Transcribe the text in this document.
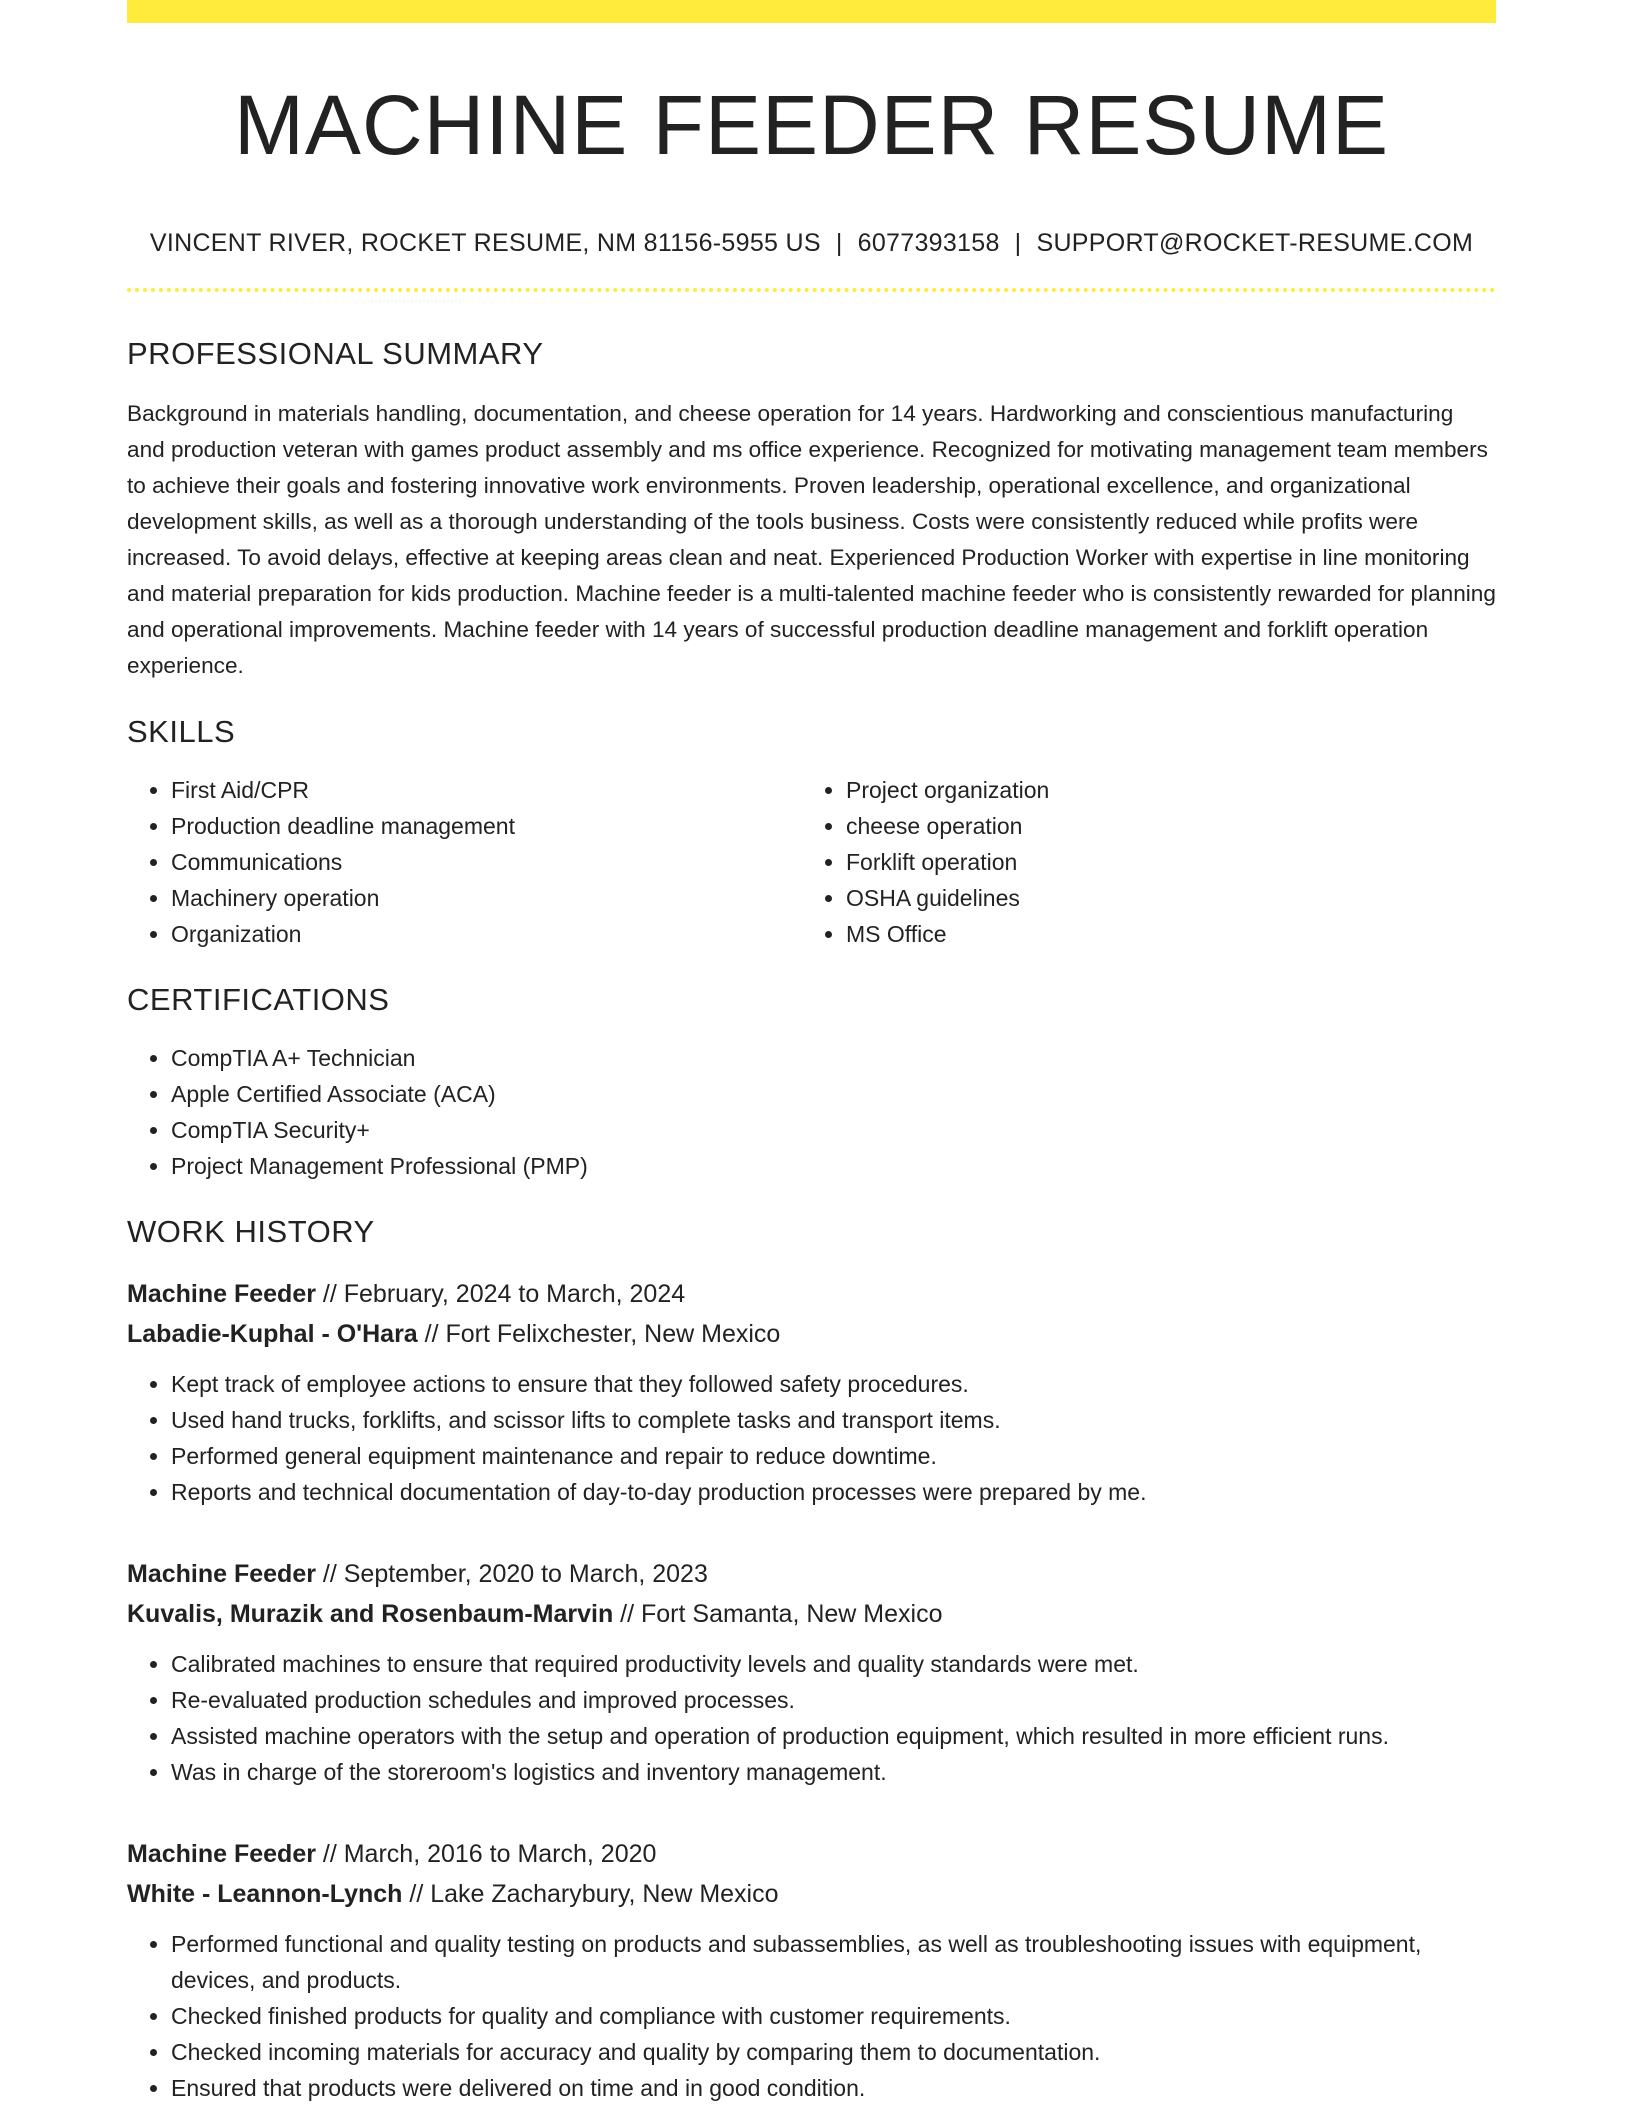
MACHINE FEEDER RESUME
VINCENT RIVER, ROCKET RESUME, NM 81156-5955 US | 6077393158 | SUPPORT@ROCKET-RESUME.COM
PROFESSIONAL SUMMARY

Background in materials handling, documentation, and cheese operation for 14 years. Hardworking and conscientious manufacturing and production veteran with games product assembly and ms office experience. Recognized for motivating management team members to achieve their goals and fostering innovative work environments. Proven leadership, operational excellence, and organizational development skills, as well as a thorough understanding of the tools business. Costs were consistently reduced while profits were increased. To avoid delays, effective at keeping areas clean and neat. Experienced Production Worker with expertise in line monitoring and material preparation for kids production. Machine feeder is a multi-talented machine feeder who is consistently rewarded for planning and operational improvements. Machine feeder with 14 years of successful production deadline management and forklift operation experience.

SKILLS
• First Aid/CPR
• Production deadline management
• Communications
• Machinery operation
• Organization
• Project organization
• cheese operation
• Forklift operation
• OSHA guidelines
• MS Office
CERTIFICATIONS
• CompTIA A+ Technician
• Apple Certified Associate (ACA)
• CompTIA Security+
• Project Management Professional (PMP)
WORK HISTORY
Machine Feeder // February, 2024 to March, 2024
Labadie-Kuphal - O'Hara // Fort Felixchester, New Mexico
• Kept track of employee actions to ensure that they followed safety procedures.
• Used hand trucks, forklifts, and scissor lifts to complete tasks and transport items.
• Performed general equipment maintenance and repair to reduce downtime.
• Reports and technical documentation of day-to-day production processes were prepared by me.
Machine Feeder // September, 2020 to March, 2023
Kuvalis, Murazik and Rosenbaum-Marvin // Fort Samanta, New Mexico
• Calibrated machines to ensure that required productivity levels and quality standards were met.
• Re-evaluated production schedules and improved processes.
• Assisted machine operators with the setup and operation of production equipment, which resulted in more efficient runs.
• Was in charge of the storeroom's logistics and inventory management.
Machine Feeder // March, 2016 to March, 2020
White - Leannon-Lynch // Lake Zacharybury, New Mexico
• Performed functional and quality testing on products and subassemblies, as well as troubleshooting issues with equipment, devices, and products.
• Checked finished products for quality and compliance with customer requirements.
• Checked incoming materials for accuracy and quality by comparing them to documentation.
• Ensured that products were delivered on time and in good condition.
